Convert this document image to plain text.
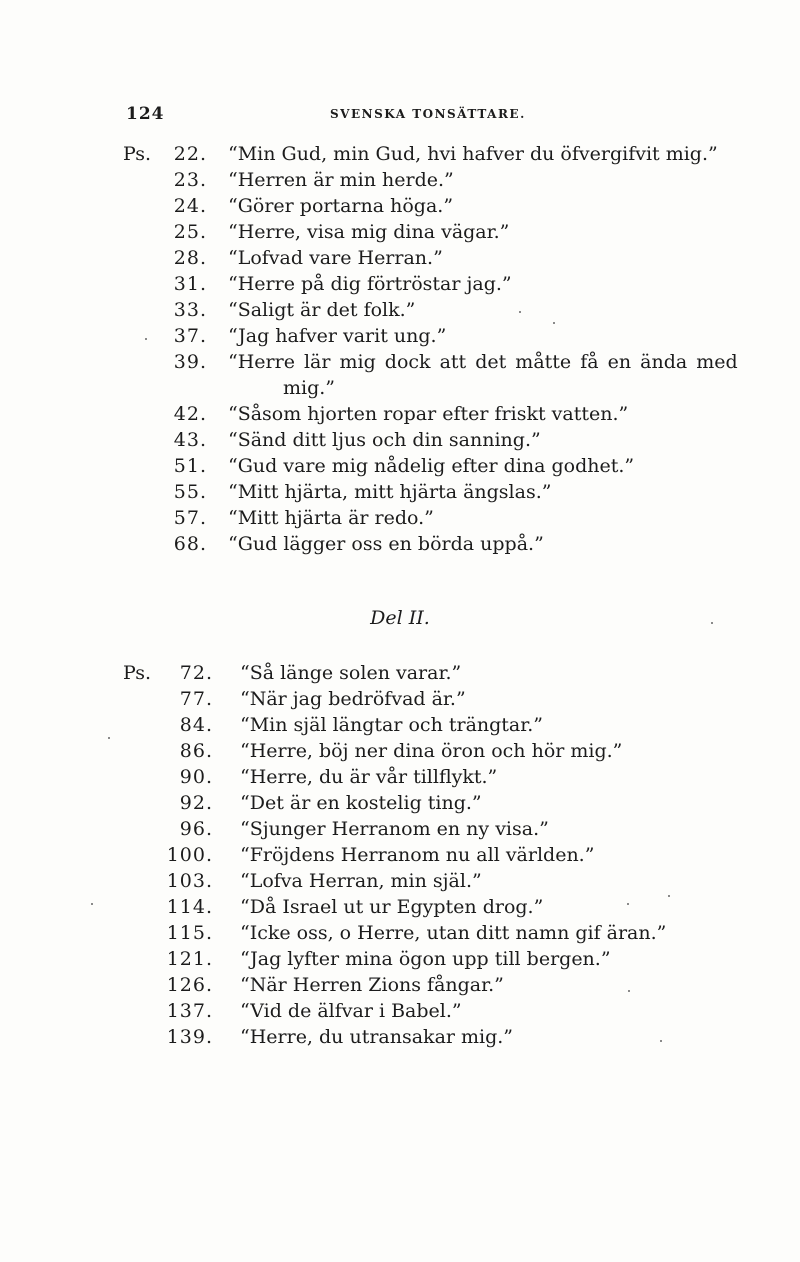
124	SVENSKA TONSÄTTARE.
Ps.	22. “Min Gud, min Gud, hvi hafver du öfvergifvit mig.”
23. “Herren är min herde.”
24. “Görer portarna höga.”
25. “Herre, visa mig dina vägar.”
28. “Lofvad vare Herran.”
31. “Herre på dig förtröstar jag.”
33. “Saligt är det folk.”
37. “Jag hafver varit ung.”
39. “Herre lär mig dock att det måtte få en ända med
mig.”
42. “Såsom hjorten ropar efter friskt vatten.”
43. “Sänd ditt ljus och din sanning.”
51. “Gud vare mig nådelig efter dina godhet.”
55. “Mitt hjärta, mitt hjärta ängslas.”
57. “Mitt hjärta är redo.”
68. “Gud lägger oss en börda uppå.”
Del II.
Ps.	72. “Så länge solen varar.”
77. “När jag bedröfvad är.”
84. “Min själ längtar och trängtar.”
86. “Herre, böj ner dina öron och hör mig.”
90. “Herre, du är vår tillflykt.”
92. “Det är en kostelig ting.”
96. “Sjunger Herranom en ny visa.”
100. “Fröjdens Herranom nu all världen.”
103. “Lofva Herran, min själ.”
114. “Då Israel ut ur Egypten drog.”
115. “Icke oss, o Herre, utan ditt namn gif äran.”
121. “Jag lyfter mina ögon upp till bergen.”
126. “När Herren Zions fångar.”
137. “Vid de älfvar i Babel.”
139. “Herre, du utransakar mig.”
